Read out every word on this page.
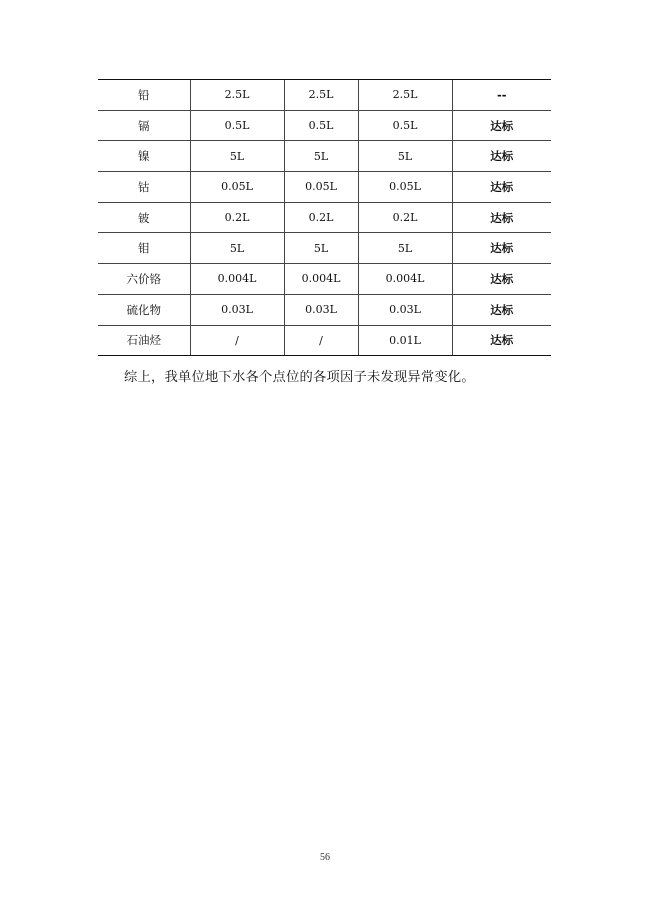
铅	2.5L	2.5L	2.5L	--
镉	0.5L	0.5L	0.5L	达标
镍	5L	5L	5L	达标
钴	0.05L	0.05L	0.05L	达标
铍	0.2L	0.2L	0.2L	达标
钼	5L	5L	5L	达标
六价铬	0.004L	0.004L	0.004L	达标
硫化物	0.03L	0.03L	0.03L	达标
石油烃	/	/	0.01L	达标

综上，我单位地下水各个点位的各项因子未发现异常变化。

56
